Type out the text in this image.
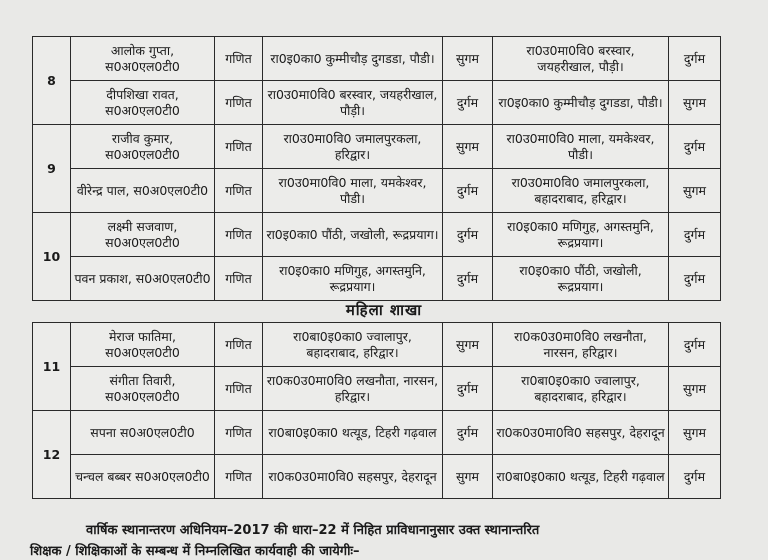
8	आलोक गुप्ता, स0अ0एल0टी0	गणित	रा0इ0का0 कुम्मीचौड़ दुगडडा, पौडी।	सुगम	रा0उ0मा0वि0 बरस्वार, जयहरीखाल, पौड़ी।	दुर्गम
	दीपशिखा रावत, स0अ0एल0टी0	गणित	रा0उ0मा0वि0 बरस्वार, जयहरीखाल, पौड़ी।	दुर्गम	रा0इ0का0 कुम्मीचौड़ दुगडडा, पौडी।	सुगम
9	राजीव कुमार, स0अ0एल0टी0	गणित	रा0उ0मा0वि0 जमालपुरकला, हरिद्वार।	सुगम	रा0उ0मा0वि0 माला, यमकेश्वर, पौडी।	दुर्गम
	वीरेन्द्र पाल, स0अ0एल0टी0	गणित	रा0उ0मा0वि0 माला, यमकेश्वर, पौडी।	दुर्गम	रा0उ0मा0वि0 जमालपुरकला, बहादराबाद, हरिद्वार।	सुगम
10	लक्ष्मी सजवाण, स0अ0एल0टी0	गणित	रा0इ0का0 पौंठी, जखोली, रूद्रप्रयाग।	दुर्गम	रा0इ0का0 मणिगुह, अगस्तमुनि, रूद्रप्रयाग।	दुर्गम
	पवन प्रकाश, स0अ0एल0टी0	गणित	रा0इ0का0 मणिगुह, अगस्तमुनि, रूद्रप्रयाग।	दुर्गम	रा0इ0का0 पौंठी, जखोली, रूद्रप्रयाग।	दुर्गम
महिला शाखा
11	मेराज फातिमा, स0अ0एल0टी0	गणित	रा0बा0इ0का0 ज्वालापुर, बहादराबाद, हरिद्वार।	सुगम	रा0क0उ0मा0वि0 लखनौता, नारसन, हरिद्वार।	दुर्गम
	संगीता तिवारी, स0अ0एल0टी0	गणित	रा0क0उ0मा0वि0 लखनौता, नारसन, हरिद्वार।	दुर्गम	रा0बा0इ0का0 ज्वालापुर, बहादराबाद, हरिद्वार।	सुगम
12	सपना स0अ0एल0टी0	गणित	रा0बा0इ0का0 थत्यूड, टिहरी गढ़वाल	दुर्गम	रा0क0उ0मा0वि0 सहसपुर, देहरादून	सुगम
	चन्चल बब्बर स0अ0एल0टी0	गणित	रा0क0उ0मा0वि0 सहसपुर, देहरादून	सुगम	रा0बा0इ0का0 थत्यूड, टिहरी गढ़वाल	दुर्गम
वार्षिक स्थानान्तरण अधिनियम–2017 की धारा–22 में निहित प्राविधानानुसार उक्त स्थानान्तरित
शिक्षक / शिक्षिकाओं के सम्बन्ध में निम्नलिखित कार्यवाही की जायेगीः–
